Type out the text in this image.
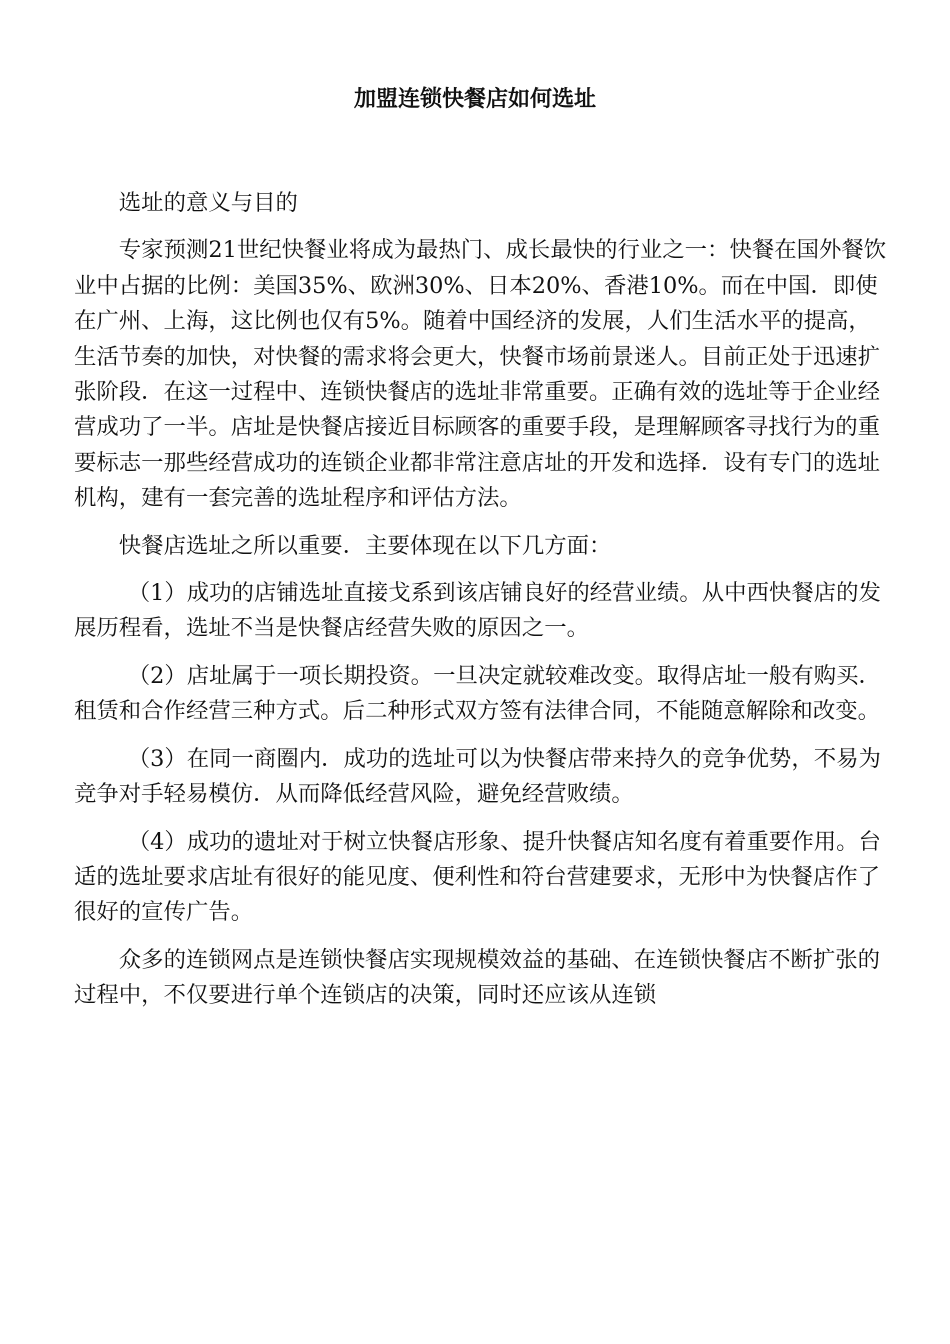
加盟连锁快餐店如何选址

选址的意义与目的

专家预测21世纪快餐业将成为最热门、成长最快的行业之一：快餐在国外餐饮业中占据的比例：美国35%、欧洲30%、日本20%、香港10%。而在中国．即使在广州、上海，这比例也仅有5%。随着中国经济的发展，人们生活水平的提高，生活节奏的加快，对快餐的需求将会更大，快餐市场前景迷人。目前正处于迅速扩张阶段．在这一过程中、连锁快餐店的选址非常重要。正确有效的选址等于企业经营成功了一半。店址是快餐店接近目标顾客的重要手段，是理解顾客寻找行为的重要标志一那些经营成功的连锁企业都非常注意店址的开发和选择．设有专门的选址机构，建有一套完善的选址程序和评估方法。

快餐店选址之所以重要．主要体现在以下几方面：

（1）成功的店铺选址直接戈系到该店铺良好的经营业绩。从中西快餐店的发展历程看，选址不当是快餐店经营失败的原因之一。

（2）店址属于一项长期投资。一旦决定就较难改变。取得店址一般有购买．租赁和合作经营三种方式。后二种形式双方签有法律合同，不能随意解除和改变。

（3）在同一商圈内．成功的选址可以为快餐店带来持久的竞争优势，不易为竞争对手轻易模仿．从而降低经营风险，避免经营败绩。

（4）成功的遗址对于树立快餐店形象、提升快餐店知名度有着重要作用。台适的选址要求店址有很好的能见度、便利性和符台营建要求，无形中为快餐店作了很好的宣传广告。

众多的连锁网点是连锁快餐店实现规模效益的基础、在连锁快餐店不断扩张的过程中，不仅要进行单个连锁店的决策，同时还应该从连锁
